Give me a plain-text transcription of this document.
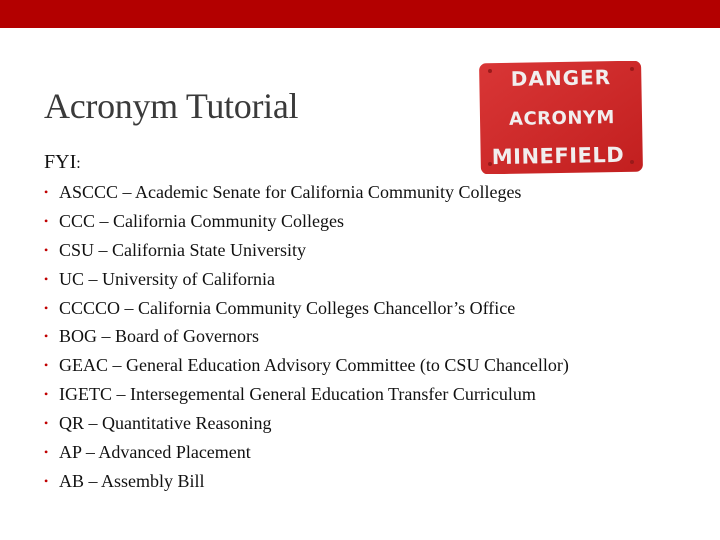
Acronym Tutorial
DANGER
ACRONYM
MINEFIELD
FYI:
• ASCCC – Academic Senate for California Community Colleges
• CCC – California Community Colleges
• CSU – California State University
• UC – University of California
• CCCCO – California Community Colleges Chancellor’s Office
• BOG – Board of Governors
• GEAC – General Education Advisory Committee (to CSU Chancellor)
• IGETC – Intersegemental General Education Transfer Curriculum
• QR – Quantitative Reasoning
• AP – Advanced Placement
• AB – Assembly Bill
